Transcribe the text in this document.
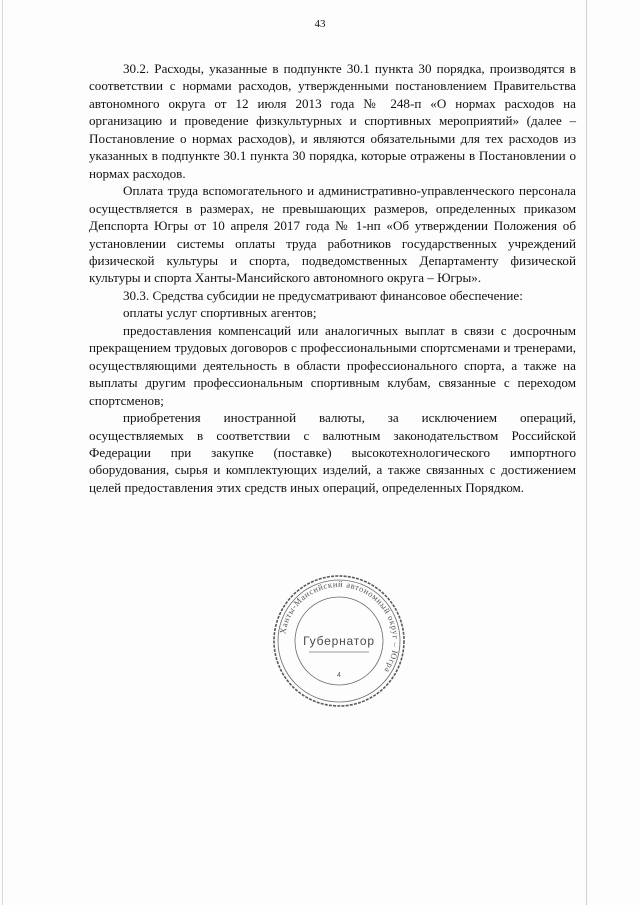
43

30.2. Расходы, указанные в подпункте 30.1 пункта 30 порядка, производятся в соответствии с нормами расходов, утвержденными постановлением Правительства автономного округа от 12 июля 2013 года № 248-п «О нормах расходов на организацию и проведение физкультурных и спортивных мероприятий» (далее – Постановление о нормах расходов), и являются обязательными для тех расходов из указанных в подпункте 30.1 пункта 30 порядка, которые отражены в Постановлении о нормах расходов.

Оплата труда вспомогательного и административно-управленческого персонала осуществляется в размерах, не превышающих размеров, определенных приказом Депспорта Югры от 10 апреля 2017 года № 1-нп «Об утверждении Положения об установлении системы оплаты труда работников государственных учреждений физической культуры и спорта, подведомственных Департаменту физической культуры и спорта Ханты-Мансийского автономного округа – Югры».

30.3. Средства субсидии не предусматривают финансовое обеспечение:

оплаты услуг спортивных агентов;

предоставления компенсаций или аналогичных выплат в связи с досрочным прекращением трудовых договоров с профессиональными спортсменами и тренерами, осуществляющими деятельность в области профессионального спорта, а также на выплаты другим профессиональным спортивным клубам, связанные с переходом спортсменов;

приобретения иностранной валюты, за исключением операций, осуществляемых в соответствии с валютным законодательством Российской Федерации при закупке (поставке) высокотехнологического импортного оборудования, сырья и комплектующих изделий, а также связанных с достижением целей предоставления этих средств иных операций, определенных Порядком.

Ханты-Мансийский автономный округ – Югра
Губернатор
4
